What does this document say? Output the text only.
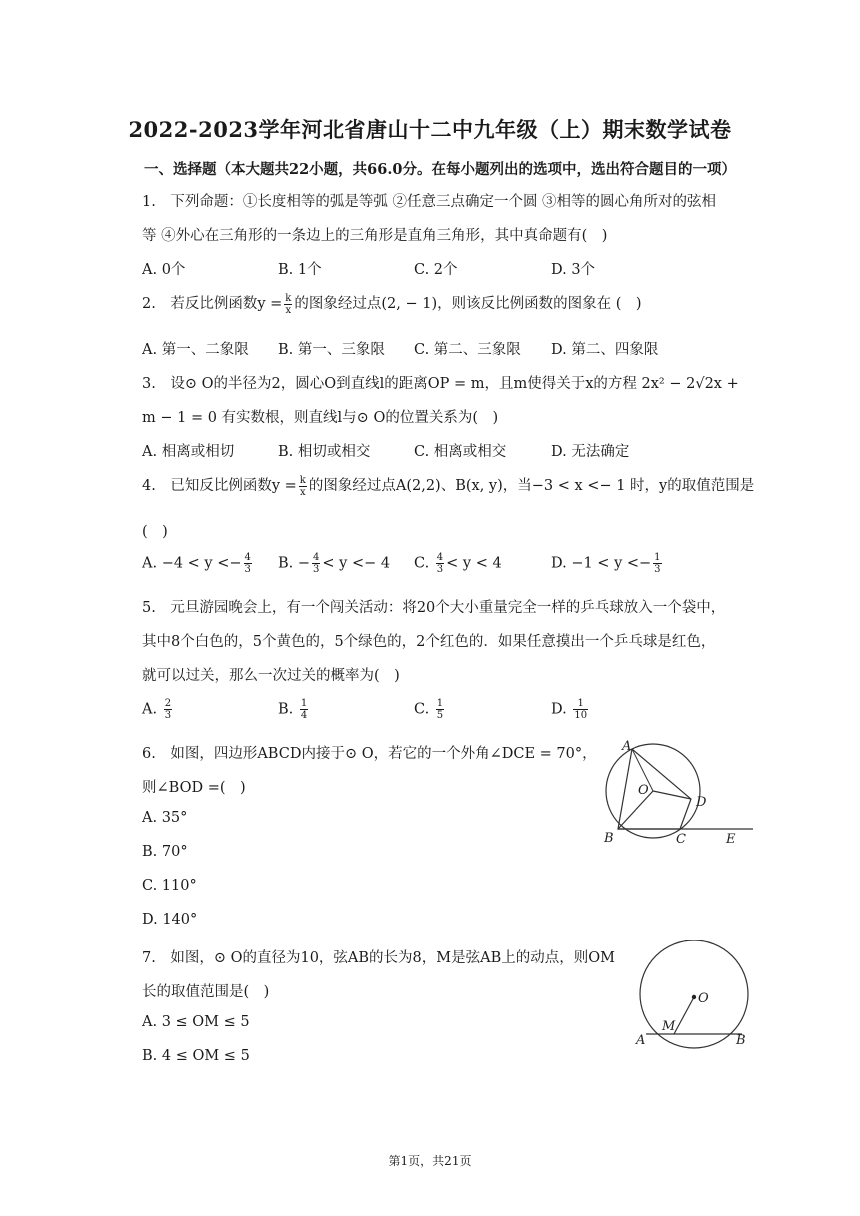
2022-2023学年河北省唐山十二中九年级（上）期末数学试卷
一、选择题（本大题共22小题，共66.0分。在每小题列出的选项中，选出符合题目的一项）
1.　下列命题：①长度相等的弧是等弧 ②任意三点确定一个圆 ③相等的圆心角所对的弦相
等 ④外心在三角形的一条边上的三角形是直角三角形，其中真命题有(　)
A. 0个	B. 1个	C. 2个	D. 3个
2.　若反比例函数$y = \frac{k}{x}$ 的图象经过点(2, − 1)，则该反比例函数的图象在 (　)
A. 第一、二象限 B. 第一、三象限 C. 第二、三象限 D. 第二、四象限
3.　设⊙ O的半径为2，圆心O到直线l的距离OP = m，且m使得关于x的方程 2x² − 2√2x +
m − 1 = 0 有实数根，则直线l与⊙ O的位置关系为(　)
A. 相离或相切	B. 相切或相交	C. 相离或相交	D. 无法确定
4.　已知反比例函数$y = \frac{k}{x}$ 的图象经过点A(2,2)、B(x, y)，当−3 < x <− 1 时，y的取值范围是
(　)
A. $-4 < y <- \frac{4}{3} B$. − $\frac{4}{3} < y <- 4$ C. $\frac{4}{3} < y < 4$	D. $-1 < y <- \frac{1}{3}$
5.　元旦游园晚会上，有一个闯关活动：将20个大小重量完全一样的乒乓球放入一个袋中，
其中8个白色的，5个黄色的，5个绿色的，2个红色的．如果任意摸出一个乒乓球是红色，
就可以过关，那么一次过关的概率为(　)
A. $\frac{2}{3}$	B. $\frac{1}{4}$	C. $\frac{1}{5}$	D. $\frac{1}{10}$
6.　如图，四边形ABCD内接于⊙ O，若它的一个外角∠DCE = 70°，
则∠BOD =(　)
A. 35°
B. 70°
C. 110°
D. 140°
A
O
D
B	C	E
7.　如图，⊙ O的直径为10，弦AB的长为8，M是弦AB上的动点，则OM
长的取值范围是(　)
A. 3 ≤ OM ≤ 5
B. 4 ≤ OM ≤ 5
O
M
A	B
第1页，共21页
